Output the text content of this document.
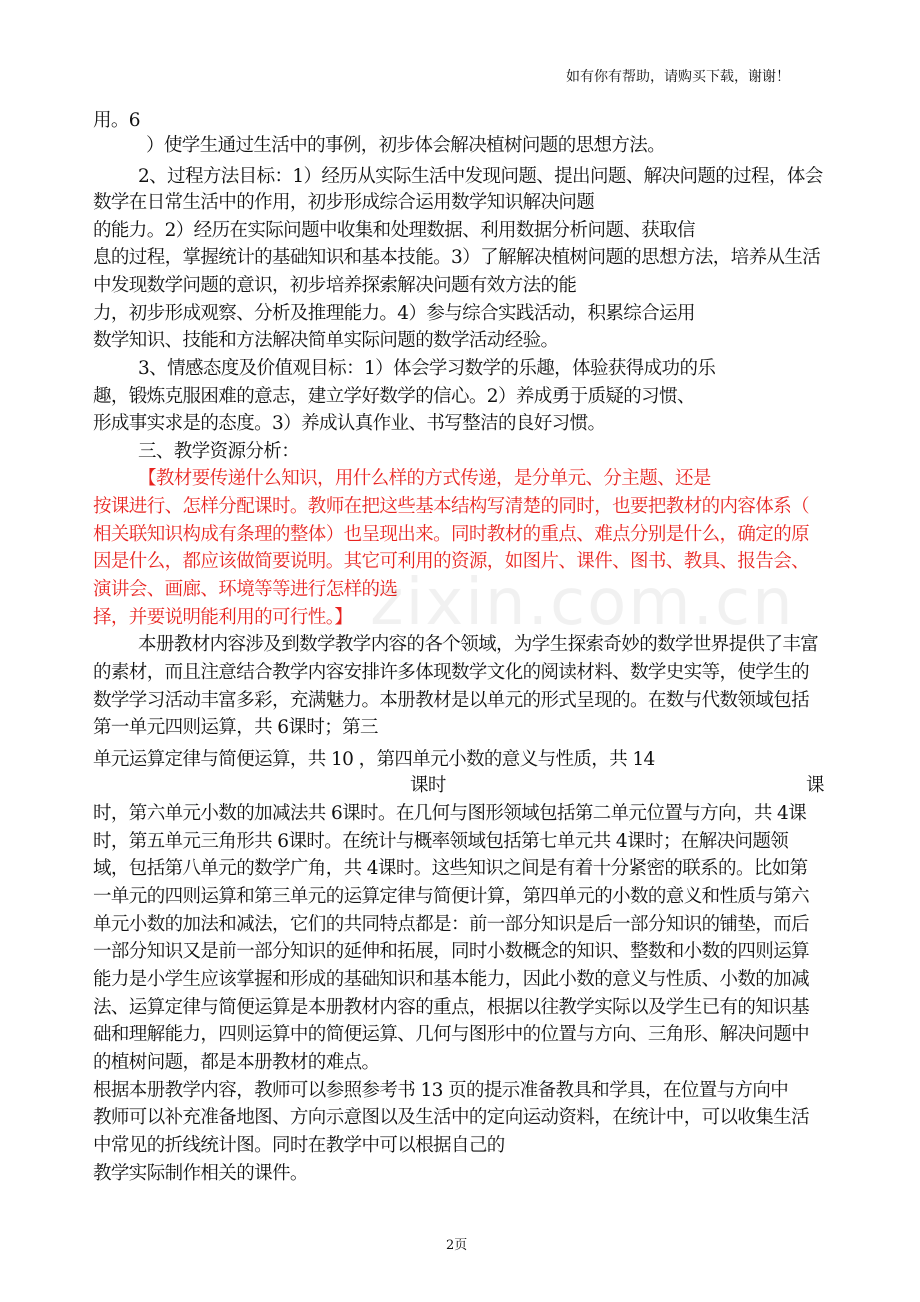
如有你有帮助，请购买下载，谢谢！
用。6
）使学生通过生活中的事例，初步体会解决植树问题的思想方法。
2、过程方法目标：1）经历从实际生活中发现问题、提出问题、解决问题的过程，体会
数学在日常生活中的作用，初步形成综合运用数学知识解决问题
的能力。2）经历在实际问题中收集和处理数据、利用数据分析问题、获取信
息的过程，掌握统计的基础知识和基本技能。3）了解解决植树问题的思想方法，培养从生活
中发现数学问题的意识，初步培养探索解决问题有效方法的能
力，初步形成观察、分析及推理能力。4）参与综合实践活动，积累综合运用
数学知识、技能和方法解决简单实际问题的数学活动经验。
3、情感态度及价值观目标：1）体会学习数学的乐趣，体验获得成功的乐
趣，锻炼克服困难的意志，建立学好数学的信心。2）养成勇于质疑的习惯、
形成事实求是的态度。3）养成认真作业、书写整洁的良好习惯。
三、教学资源分析：
【教材要传递什么知识，用什么样的方式传递，是分单元、分主题、还是
按课进行、怎样分配课时。教师在把这些基本结构写清楚的同时，也要把教材的内容体系（
相关联知识构成有条理的整体）也呈现出来。同时教材的重点、难点分别是什么，确定的原
因是什么，都应该做简要说明。其它可利用的资源，如图片、课件、图书、教具、报告会、
演讲会、画廊、环境等等进行怎样的选
择，并要说明能利用的可行性。】
本册教材内容涉及到数学教学内容的各个领域，为学生探索奇妙的数学世界提供了丰富
的素材，而且注意结合教学内容安排许多体现数学文化的阅读材料、数学史实等，使学生的
数学学习活动丰富多彩，充满魅力。本册教材是以单元的形式呈现的。在数与代数领域包括
第一单元四则运算，共 6课时；第三
单元运算定律与简便运算，共 10 ，第四单元小数的意义与性质，共 14
课时	课
时，第六单元小数的加减法共 6课时。在几何与图形领域包括第二单元位置与方向，共 4课
时，第五单元三角形共 6课时。在统计与概率领域包括第七单元共 4课时；在解决问题领
域，包括第八单元的数学广角，共 4课时。这些知识之间是有着十分紧密的联系的。比如第
一单元的四则运算和第三单元的运算定律与简便计算，第四单元的小数的意义和性质与第六
单元小数的加法和减法，它们的共同特点都是：前一部分知识是后一部分知识的铺垫，而后
一部分知识又是前一部分知识的延伸和拓展，同时小数概念的知识、整数和小数的四则运算
能力是小学生应该掌握和形成的基础知识和基本能力，因此小数的意义与性质、小数的加减
法、运算定律与简便运算是本册教材内容的重点，根据以往教学实际以及学生已有的知识基
础和理解能力，四则运算中的简便运算、几何与图形中的位置与方向、三角形、解决问题中
的植树问题，都是本册教材的难点。
根据本册教学内容，教师可以参照参考书 13 页的提示准备教具和学具，在位置与方向中
教师可以补充准备地图、方向示意图以及生活中的定向运动资料，在统计中，可以收集生活
中常见的折线统计图。同时在教学中可以根据自己的
教学实际制作相关的课件。
zixin.com.cn
2页
